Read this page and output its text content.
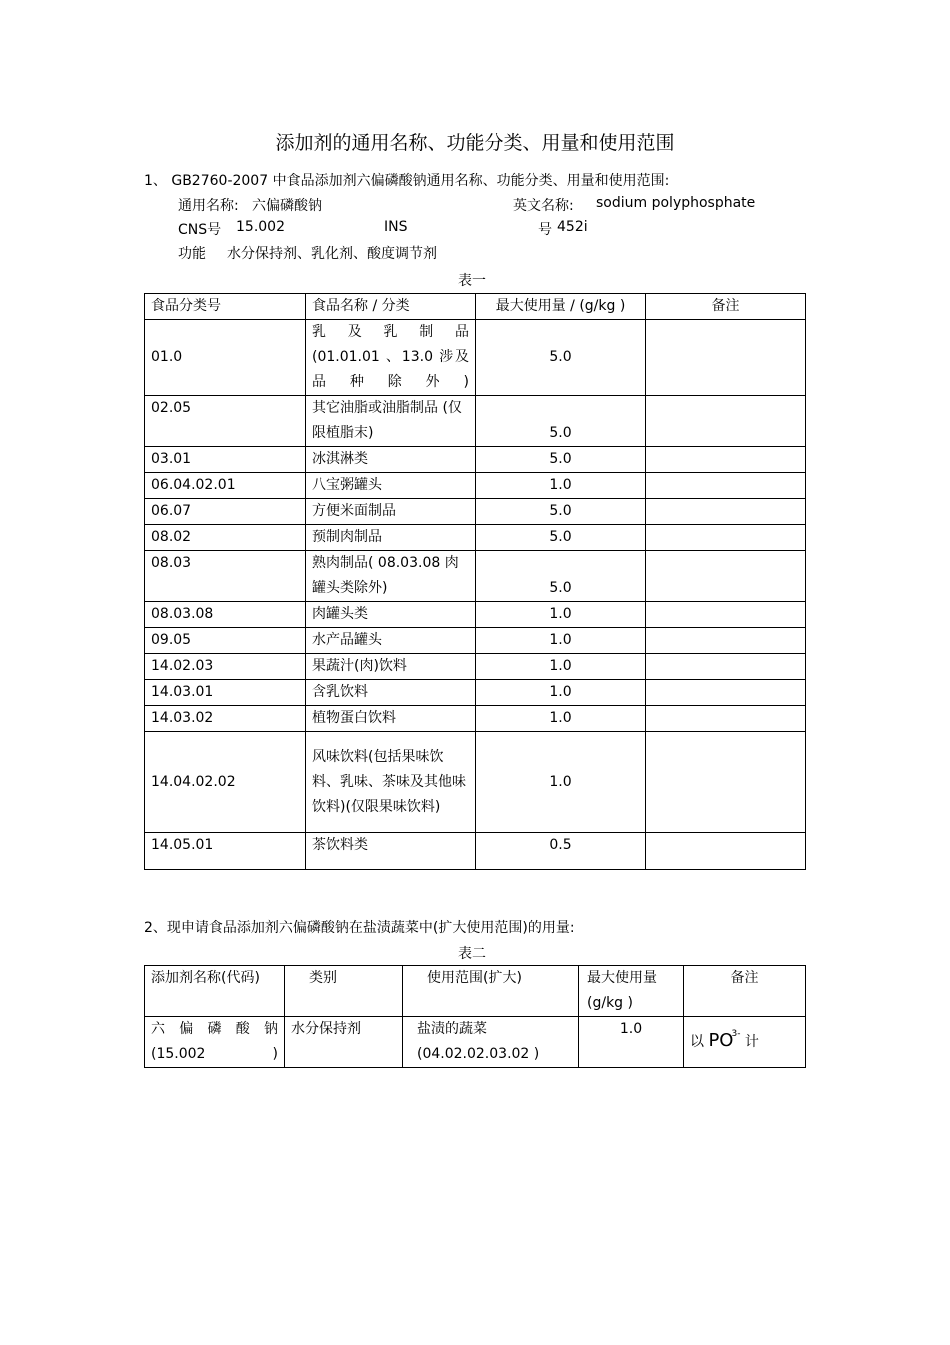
添加剂的通用名称、功能分类、用量和使用范围
1、 GB2760-2007 中食品添加剂六偏磷酸钠通用名称、功能分类、用量和使用范围:
通用名称: 六偏磷酸钠	英文名称: sodium polyphosphate
CNS号 15.002	INS	号 452i
功能 水分保持剂、乳化剂、酸度调节剂
表一
食品分类号	食品名称 / 分类	最大使用量 / (g/kg )	备注
01.0	乳 及 乳 制 品 (01.01.01 、13.0 涉及品种除外)	5.0	
02.05	其它油脂或油脂制品 (仅限植脂末)	5.0	
03.01	冰淇淋类	5.0	
06.04.02.01	八宝粥罐头	1.0	
06.07	方便米面制品	5.0	
08.02	预制肉制品	5.0	
08.03	熟肉制品( 08.03.08 肉罐头类除外)	5.0	
08.03.08	肉罐头类	1.0	
09.05	水产品罐头	1.0	
14.02.03	果蔬汁(肉)饮料	1.0	
14.03.01	含乳饮料	1.0	
14.03.02	植物蛋白饮料	1.0	
14.04.02.02	风味饮料(包括果味饮料、乳味、茶味及其他味饮料)(仅限果味饮料)	1.0	
14.05.01	茶饮料类	0.5	
2、现申请食品添加剂六偏磷酸钠在盐渍蔬菜中(扩大使用范围)的用量:
表二
添加剂名称(代码)	类别	使用范围(扩大)	最大使用量 (g/kg )	备注
六 偏 磷 酸 钠 (15.002 )	水分保持剂	盐渍的蔬菜 (04.02.02.03.02 )	1.0	以 $PO^{3-}$ 计
